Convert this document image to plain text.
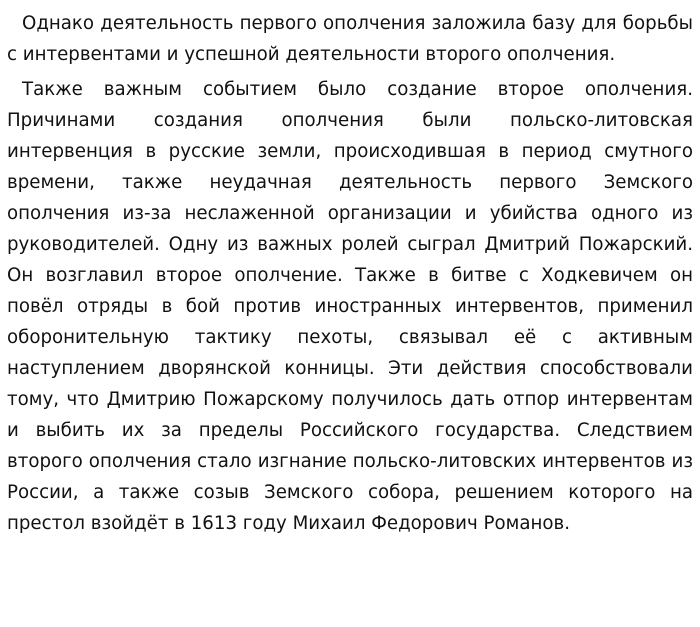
Однако деятельность первого ополчения заложила базу для борьбы с интервентами и успешной деятельности второго ополчения.

Также важным событием было создание второе ополчения. Причинами создания ополчения были польско-литовская интервенция в русские земли, происходившая в период смутного времени, также неудачная деятельность первого Земского ополчения из-за неслаженной организации и убийства одного из руководителей. Одну из важных ролей сыграл Дмитрий Пожарский. Он возглавил второе ополчение. Также в битве с Ходкевичем он повёл отряды в бой против иностранных интервентов, применил оборонительную тактику пехоты, связывал её с активным наступлением дворянской конницы. Эти действия способствовали тому, что Дмитрию Пожарскому получилось дать отпор интервентам и выбить их за пределы Российского государства. Следствием второго ополчения стало изгнание польско-литовских интервентов из России, а также созыв Земского собора, решением которого на престол взойдёт в 1613 году Михаил Федорович Романов.
